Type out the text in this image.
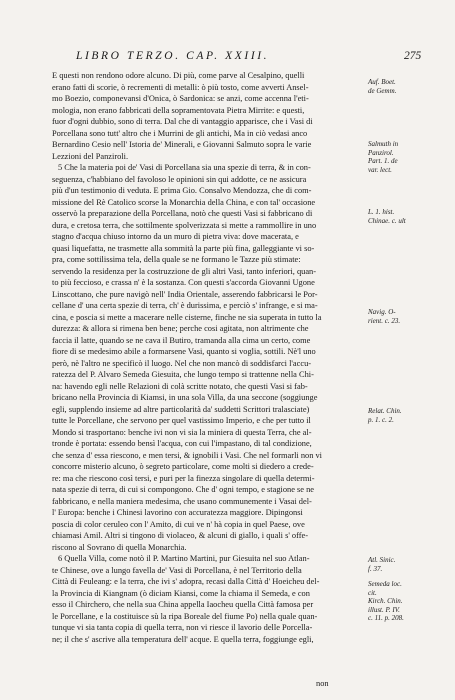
LIBRO TERZO. CAP. XXIII.	275
E questi non rendono odore alcuno. Di più, come parve al Cesalpino, quelli
erano fatti di scorie, ò recrementi di metalli: ò più tosto, come avverti Ansel-
mo Boezio, componevansi d'Onica, ò Sardonica: se anzi, come accenna l'eti-
mologia, non erano fabbricati della sopramentovata Pietra Mirrite: e questi,
fuor d'ogni dubbio, sono di terra. Dal che di vantaggio apparisce, che i Vasi di
Porcellana sono tutt' altro che i Murrini de gli antichi, Ma in ciò vedasi anco
Bernardino Cesio nell' Istoria de' Minerali, e Giovanni Salmuto sopra le varie
Lezzioni del Panziroli.
5 Che la materia poi de' Vasi di Porcellana sia una spezie di terra, & in con-
seguenza, c'habbiano del favoloso le opinioni sin qui addotte, ce ne assicura
più d'un testimonio di veduta. E prima Gio. Consalvo Mendozza, che di com-
missione del Rè Catolico scorse la Monarchia della China, e con tal' occasione
osservò la preparazione della Porcellana, notò che questi Vasi si fabbricano di
dura, e cretosa terra, che sottilmente spolverizzata si mette a rammollire in uno
stagno d'acqua chiuso intorno da un muro di pietra viva: dove macerata, e
quasi liquefatta, ne trasmette alla sommità la parte più fina, galleggiante vi so-
pra, come sottilissima tela, della quale se ne formano le Tazze più stimate:
servendo la residenza per la costruzzione de gli altri Vasi, tanto inferiori, quan-
to più feccioso, e crassa n' è la sostanza. Con questi s'accorda Giovanni Ugone
Linscottano, che pure navigò nell' India Orientale, asserendo fabbricarsi le Por-
cellane d' una certa spezie di terra, ch' è durissima, e perciò s' infrange, e si ma-
cina, e poscia si mette a macerare nelle cisterne, finche ne sia superata in tutto la
durezza: & allora si rimena ben bene; perche cosi agitata, non altrimente che
faccia il latte, quando se ne cava il Butiro, tramanda alla cima un certo, come
fiore di se medesimo abile a formarsene Vasi, quanto si voglia, sottili. Nè'l uno
però, nè l'altro ne specificò il luogo. Nel che non mancò di soddisfarci l'accu-
ratezza del P. Alvaro Semeda Giesuita, che lungo tempo si trattenne nella Chi-
na: havendo egli nelle Relazioni di colà scritte notato, che questi Vasi si fab-
bricano nella Provincia di Kiamsi, in una sola Villa, da una seccone (soggiunge
egli, supplendo insieme ad altre particolarità da' suddetti Scrittori tralasciate)
tutte le Porcellane, che servono per quel vastissimo Imperio, e che per tutto il
Mondo si trasportano: benche ivi non vi sia la miniera di questa Terra, che al-
tronde è portata: essendo bensì l'acqua, con cui l'impastano, di tal condizione,
che senza d' essa riescono, e men tersi, & ignobili i Vasi. Che nel formarli non vi
concorre misterio alcuno, ò segreto particolare, come molti si diedero a crede-
re: ma che riescono così tersi, e puri per la finezza singolare di quella determi-
nata spezie di terra, di cui si compongono. Che d' ogni tempo, e stagione se ne
fabbricano, e nella maniera medesima, che usano communemente i Vasai del-
l' Europa: benche i Chinesi lavorino con accuratezza maggiore. Dipingonsi
poscia di color ceruleo con l' Amito, di cui ve n' hà copia in quel Paese, ove
chiamasi Amil. Altri si tingono di violaceo, & alcuni di giallo, i quali s' offe-
riscono al Sovrano di quella Monarchia.
6 Quella Villa, come notò il P. Martino Martini, pur Giesuita nel suo Atlan-
te Chinese, ove a lungo favella de' Vasi di Porcellana, è nel Territorio della
Città di Feuleang: e la terra, che ivi s' adopra, recasi dalla Città d' Hoeicheu del-
la Provincia di Kiangnam (ò diciam Kiansi, come la chiama il Semeda, e con
esso il Chirchero, che nella sua China appella Iaocheu quella Città famosa per
le Porcellane, e la costituisce sù la ripa Boreale del fiume Po) nella quale quan-
tunque vi sia tanta copia di quella terra, non vi riesce il lavorio delle Porcella-
ne; il che s' ascrive alla temperatura dell' acque. E quella terra, foggiunge egli,
Auf. Boet.
de Gemm.
Salmuth in
Panzirol.
Part. 1. de
var. lect.
L. 1. hist.
Chinae. c. ult
Navig. O-
rient. c. 23.
Relat. Chin.
p. 1. c. 2.
Atl. Sinic.
f. 37.
Semeda loc.
cit.
Kirch. Chin.
illust. P. IV.
c. 11. p. 208.
non
